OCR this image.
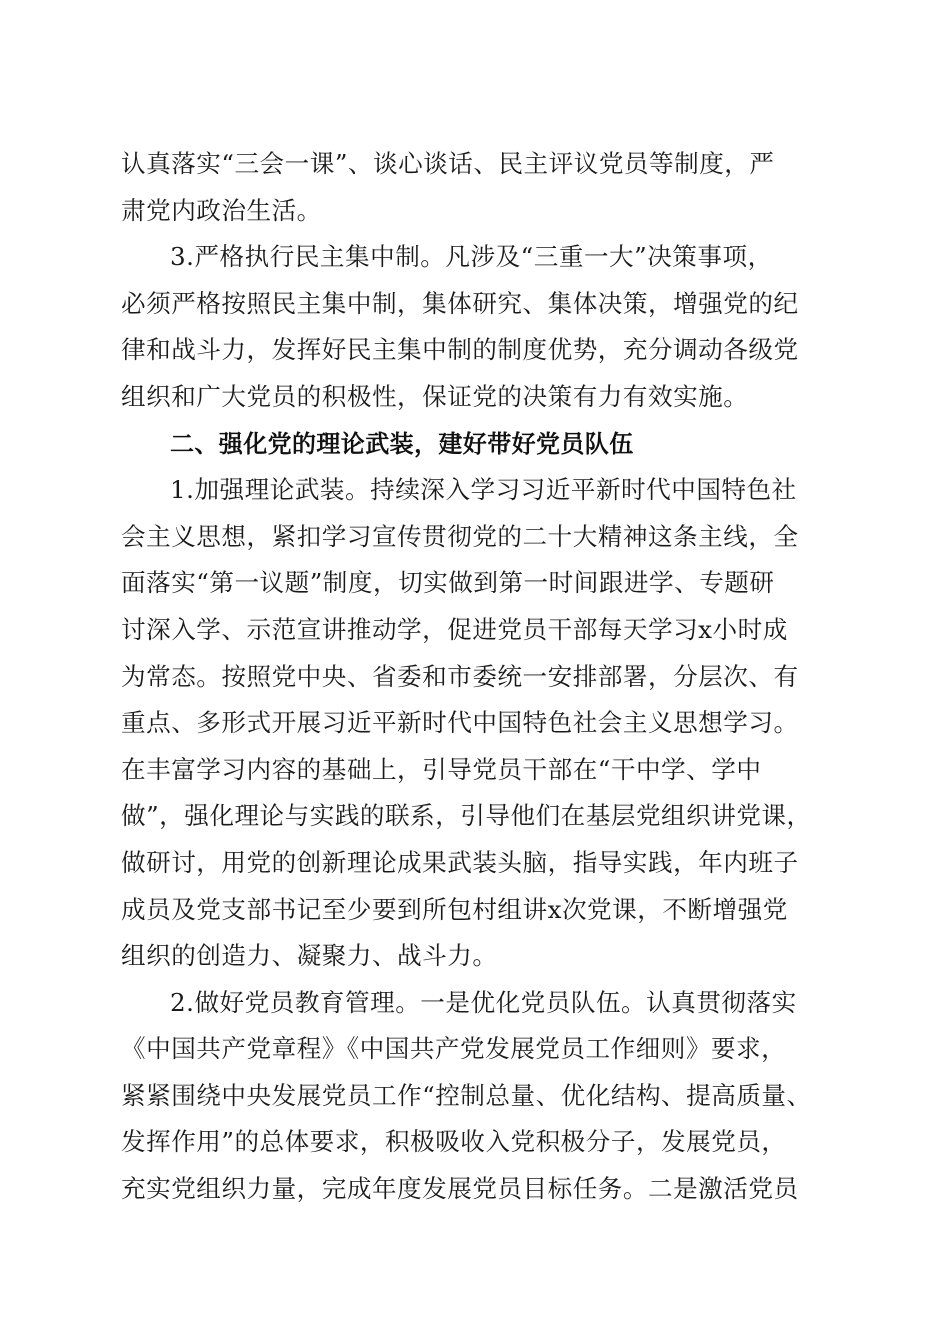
认真落实“三会一课”、谈心谈话、民主评议党员等制度，严
肃党内政治生活。
3.严格执行民主集中制。凡涉及“三重一大”决策事项，
必须严格按照民主集中制，集体研究、集体决策，增强党的纪
律和战斗力，发挥好民主集中制的制度优势，充分调动各级党
组织和广大党员的积极性，保证党的决策有力有效实施。
二、强化党的理论武装，建好带好党员队伍
1.加强理论武装。持续深入学习习近平新时代中国特色社
会主义思想，紧扣学习宣传贯彻党的二十大精神这条主线，全
面落实“第一议题”制度，切实做到第一时间跟进学、专题研
讨深入学、示范宣讲推动学，促进党员干部每天学习x小时成
为常态。按照党中央、省委和市委统一安排部署，分层次、有
重点、多形式开展习近平新时代中国特色社会主义思想学习。
在丰富学习内容的基础上，引导党员干部在“干中学、学中
做”，强化理论与实践的联系，引导他们在基层党组织讲党课，
做研讨，用党的创新理论成果武装头脑，指导实践，年内班子
成员及党支部书记至少要到所包村组讲x次党课，不断增强党
组织的创造力、凝聚力、战斗力。
2.做好党员教育管理。一是优化党员队伍。认真贯彻落实
《中国共产党章程》《中国共产党发展党员工作细则》要求，
紧紧围绕中央发展党员工作“控制总量、优化结构、提高质量、
发挥作用”的总体要求，积极吸收入党积极分子，发展党员，
充实党组织力量，完成年度发展党员目标任务。二是激活党员
